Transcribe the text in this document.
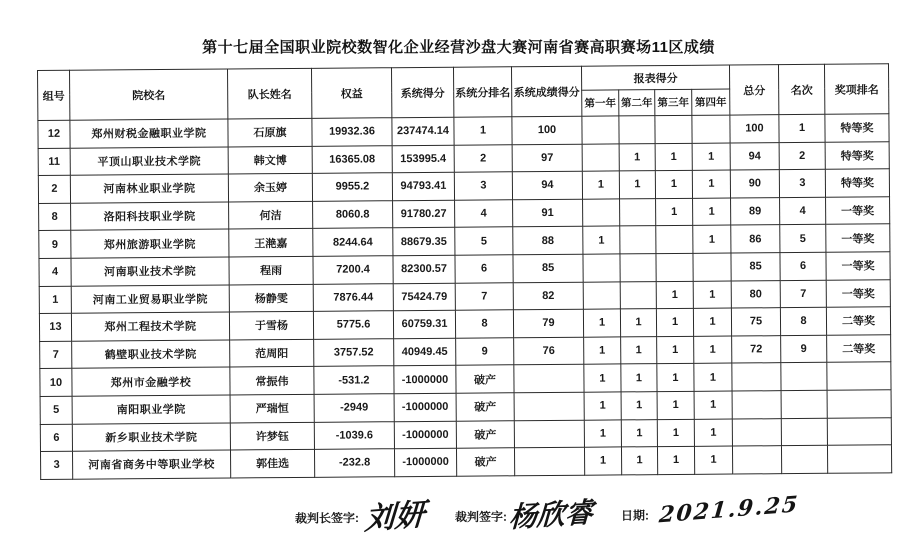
第十七届全国职业院校数智化企业经营沙盘大赛河南省赛高职赛场11区成绩
组号	院校名	队长姓名	权益	系统得分	系统分排名	系统成绩得分	报表得分				总分	名次	奖项排名
							第一年	第二年	第三年	第四年			
12	郑州财税金融职业学院	石原旗	19932.36	237474.14	1	100					100	1	特等奖
11	平顶山职业技术学院	韩文博	16365.08	153995.4	2	97		1	1	1	94	2	特等奖
2	河南林业职业学院	余玉婷	9955.2	94793.41	3	94	1	1	1	1	90	3	特等奖
8	洛阳科技职业学院	何洁	8060.8	91780.27	4	91			1	1	89	4	一等奖
9	郑州旅游职业学院	王滟嘉	8244.64	88679.35	5	88	1			1	86	5	一等奖
4	河南职业技术学院	程雨	7200.4	82300.57	6	85					85	6	一等奖
1	河南工业贸易职业学院	杨静雯	7876.44	75424.79	7	82			1	1	80	7	一等奖
13	郑州工程技术学院	于雪杨	5775.6	60759.31	8	79	1	1	1	1	75	8	二等奖
7	鹤壁职业技术学院	范周阳	3757.52	40949.45	9	76	1	1	1	1	72	9	二等奖
10	郑州市金融学校	常振伟	-531.2	-1000000	破产		1	1	1	1			
5	南阳职业学院	严瑞恒	-2949	-1000000	破产		1	1	1	1			
6	新乡职业技术学院	许梦钰	-1039.6	-1000000	破产		1	1	1	1			
3	河南省商务中等职业学校	郭佳选	-232.8	-1000000	破产		1	1	1	1			
裁判长签字: 刘妍 裁判签字: 杨欣睿 日期: 2021.9.25
